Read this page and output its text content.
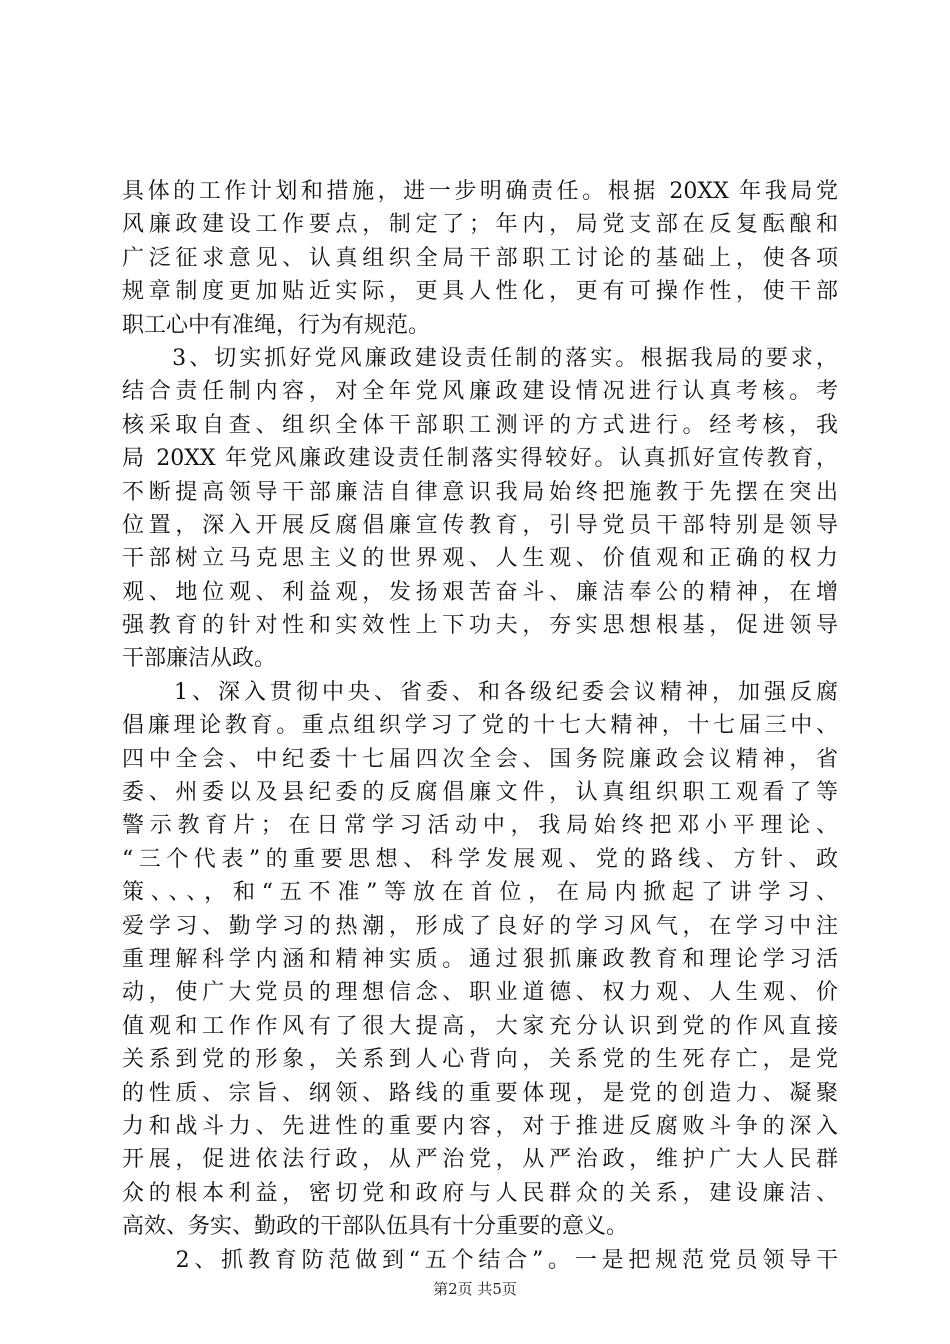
具体的工作计划和措施，进一步明确责任。根据 20XX 年我局党
风廉政建设工作要点，制定了；年内，局党支部在反复酝酿和
广泛征求意见、认真组织全局干部职工讨论的基础上，使各项
规章制度更加贴近实际，更具人性化，更有可操作性，使干部
职工心中有准绳，行为有规范。
　　3、切实抓好党风廉政建设责任制的落实。根据我局的要求，
结合责任制内容，对全年党风廉政建设情况进行认真考核。考
核采取自查、组织全体干部职工测评的方式进行。经考核，我
局 20XX 年党风廉政建设责任制落实得较好。认真抓好宣传教育，
不断提高领导干部廉洁自律意识我局始终把施教于先摆在突出
位置，深入开展反腐倡廉宣传教育，引导党员干部特别是领导
干部树立马克思主义的世界观、人生观、价值观和正确的权力
观、地位观、利益观，发扬艰苦奋斗、廉洁奉公的精神，在增
强教育的针对性和实效性上下功夫，夯实思想根基，促进领导
干部廉洁从政。
　　1、深入贯彻中央、省委、和各级纪委会议精神，加强反腐
倡廉理论教育。重点组织学习了党的十七大精神，十七届三中、
四中全会、中纪委十七届四次全会、国务院廉政会议精神，省
委、州委以及县纪委的反腐倡廉文件，认真组织职工观看了等
警示教育片；在日常学习活动中，我局始终把邓小平理论、
“三个代表”的重要思想、科学发展观、党的路线、方针、政
策、、、，和“五不准”等放在首位，在局内掀起了讲学习、
爱学习、勤学习的热潮，形成了良好的学习风气，在学习中注
重理解科学内涵和精神实质。通过狠抓廉政教育和理论学习活
动，使广大党员的理想信念、职业道德、权力观、人生观、价
值观和工作作风有了很大提高，大家充分认识到党的作风直接
关系到党的形象，关系到人心背向，关系党的生死存亡，是党
的性质、宗旨、纲领、路线的重要体现，是党的创造力、凝聚
力和战斗力、先进性的重要内容，对于推进反腐败斗争的深入
开展，促进依法行政，从严治党，从严治政，维护广大人民群
众的根本利益，密切党和政府与人民群众的关系，建设廉洁、
高效、务实、勤政的干部队伍具有十分重要的意义。
　　2、抓教育防范做到“五个结合”。一是把规范党员领导干
第2页 共5页
